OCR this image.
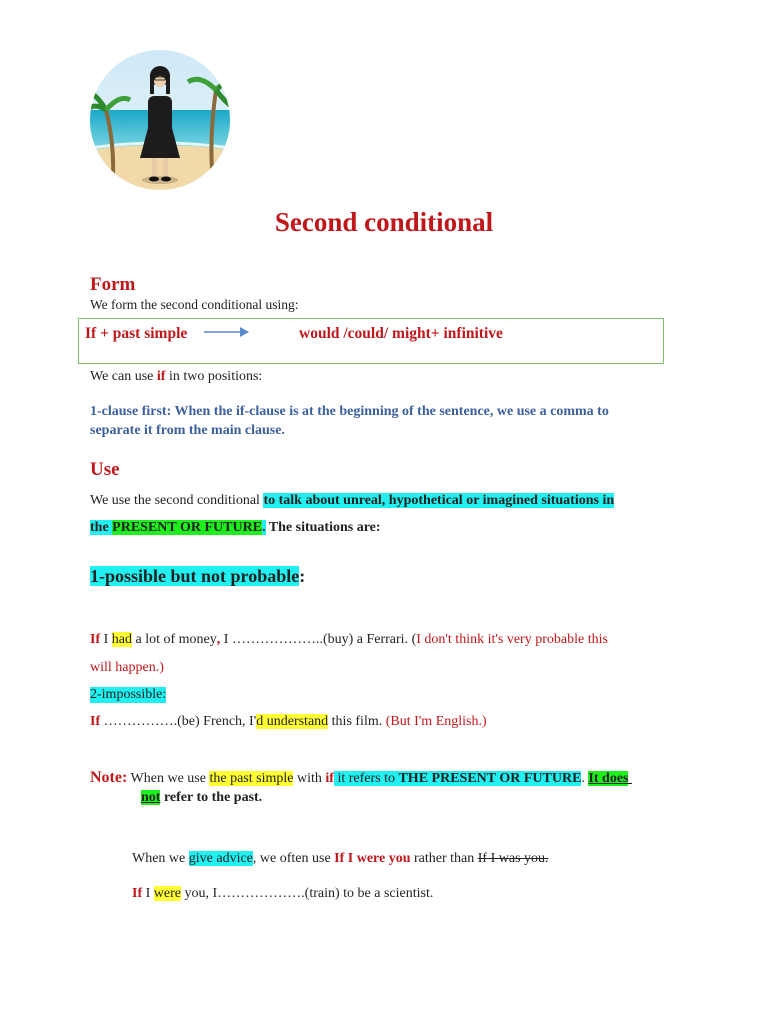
Second conditional
Form
We form the second conditional using:
If + past simple	would /could/ might+ infinitive
We can use if in two positions:
1-clause first: When the if-clause is at the beginning of the sentence, we use a comma to
separate it from the main clause.
Use
We use the second conditional to talk about unreal, hypothetical or imagined situations in
the PRESENT OR FUTURE. The situations are:
1-possible but not probable:
If I had a lot of money, I ………………..(buy) a Ferrari. (I don't think it's very probable this
will happen.)
2-impossible:
If …………….(be) French, I'd understand this film. (But I'm English.)
Note: When we use the past simple with if it refers to THE PRESENT OR FUTURE. It does
not refer to the past.
When we give advice, we often use If I were you rather than If I was you.
If I were you, I……………….(train) to be a scientist.
